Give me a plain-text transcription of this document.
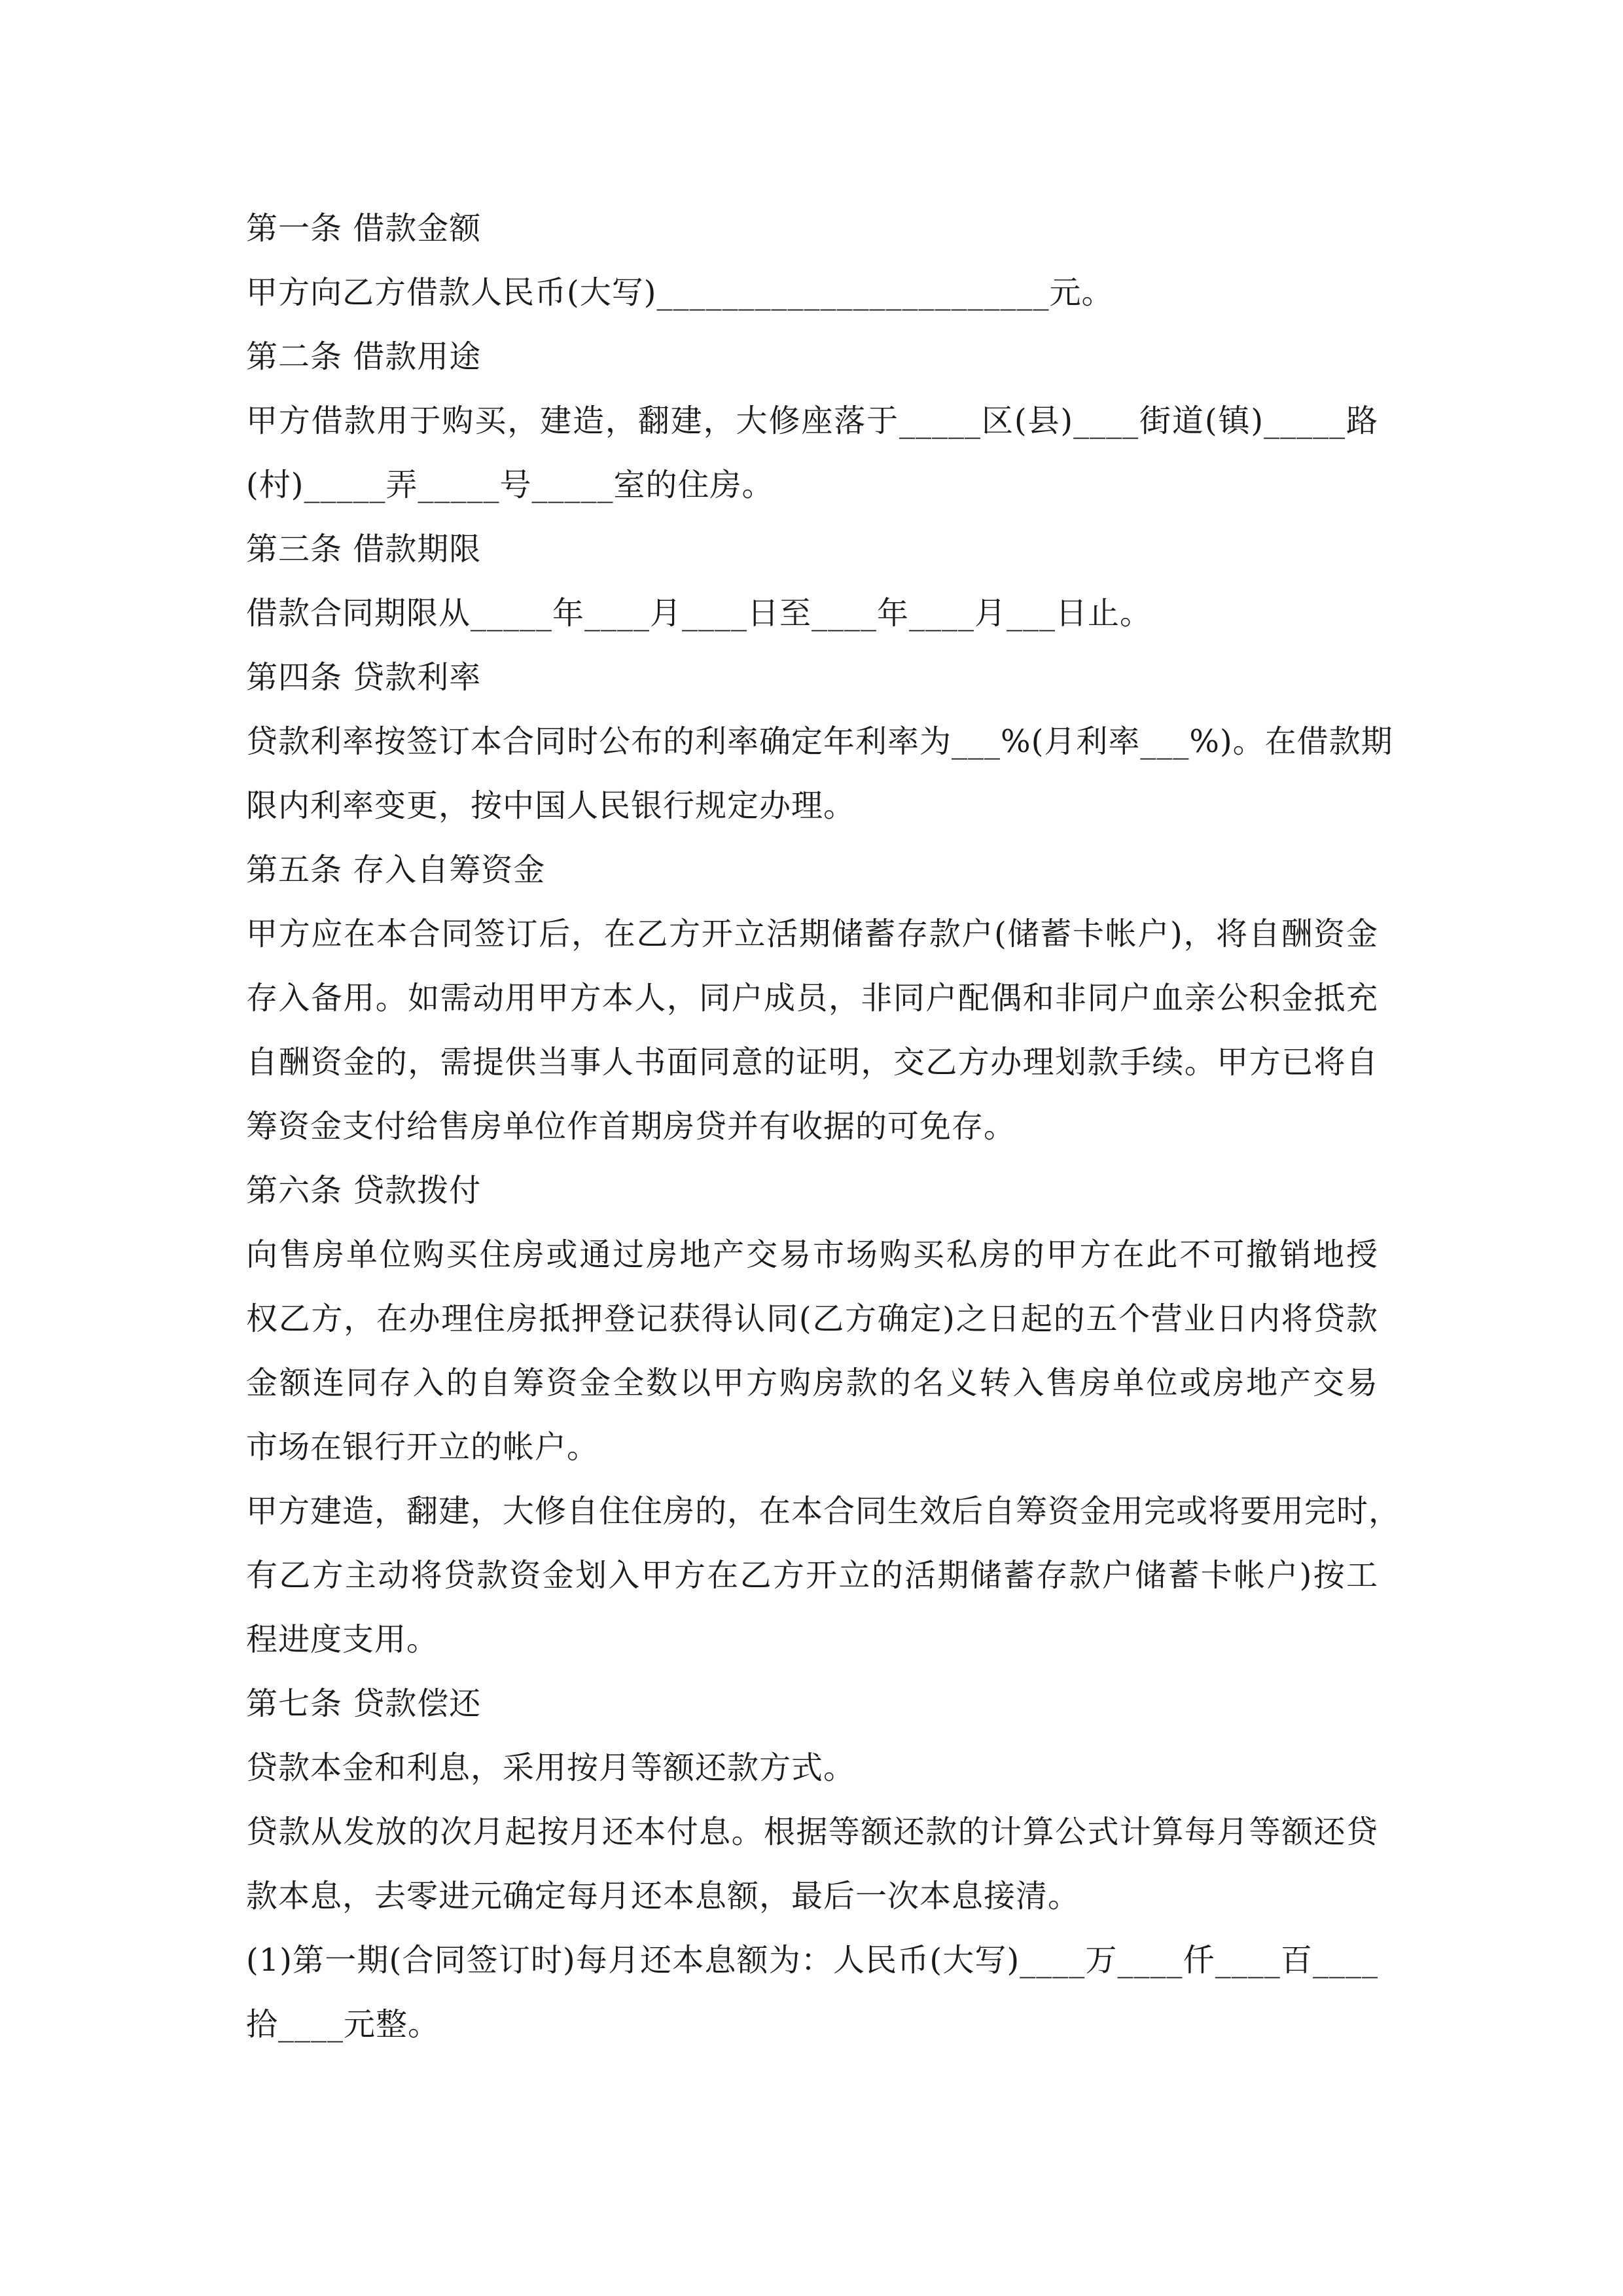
第一条 借款金额
甲方向乙方借款人民币(大写)________________________元。
第二条 借款用途
甲方借款用于购买，建造，翻建，大修座落于_____区(县)____街道(镇)_____路
(村)_____弄_____号_____室的住房。
第三条 借款期限
借款合同期限从_____年____月____日至____年____月___日止。
第四条 贷款利率
贷款利率按签订本合同时公布的利率确定年利率为___%(月利率___%)。在借款期
限内利率变更，按中国人民银行规定办理。
第五条 存入自筹资金
甲方应在本合同签订后，在乙方开立活期储蓄存款户(储蓄卡帐户)，将自酬资金
存入备用。如需动用甲方本人，同户成员，非同户配偶和非同户血亲公积金抵充
自酬资金的，需提供当事人书面同意的证明，交乙方办理划款手续。甲方已将自
筹资金支付给售房单位作首期房贷并有收据的可免存。
第六条 贷款拨付
向售房单位购买住房或通过房地产交易市场购买私房的甲方在此不可撤销地授
权乙方，在办理住房抵押登记获得认同(乙方确定)之日起的五个营业日内将贷款
金额连同存入的自筹资金全数以甲方购房款的名义转入售房单位或房地产交易
市场在银行开立的帐户。
甲方建造，翻建，大修自住住房的，在本合同生效后自筹资金用完或将要用完时，
有乙方主动将贷款资金划入甲方在乙方开立的活期储蓄存款户储蓄卡帐户)按工
程进度支用。
第七条 贷款偿还
贷款本金和利息，采用按月等额还款方式。
贷款从发放的次月起按月还本付息。根据等额还款的计算公式计算每月等额还贷
款本息，去零进元确定每月还本息额，最后一次本息接清。
(1)第一期(合同签订时)每月还本息额为：人民币(大写)____万____仟____百____
拾____元整。
